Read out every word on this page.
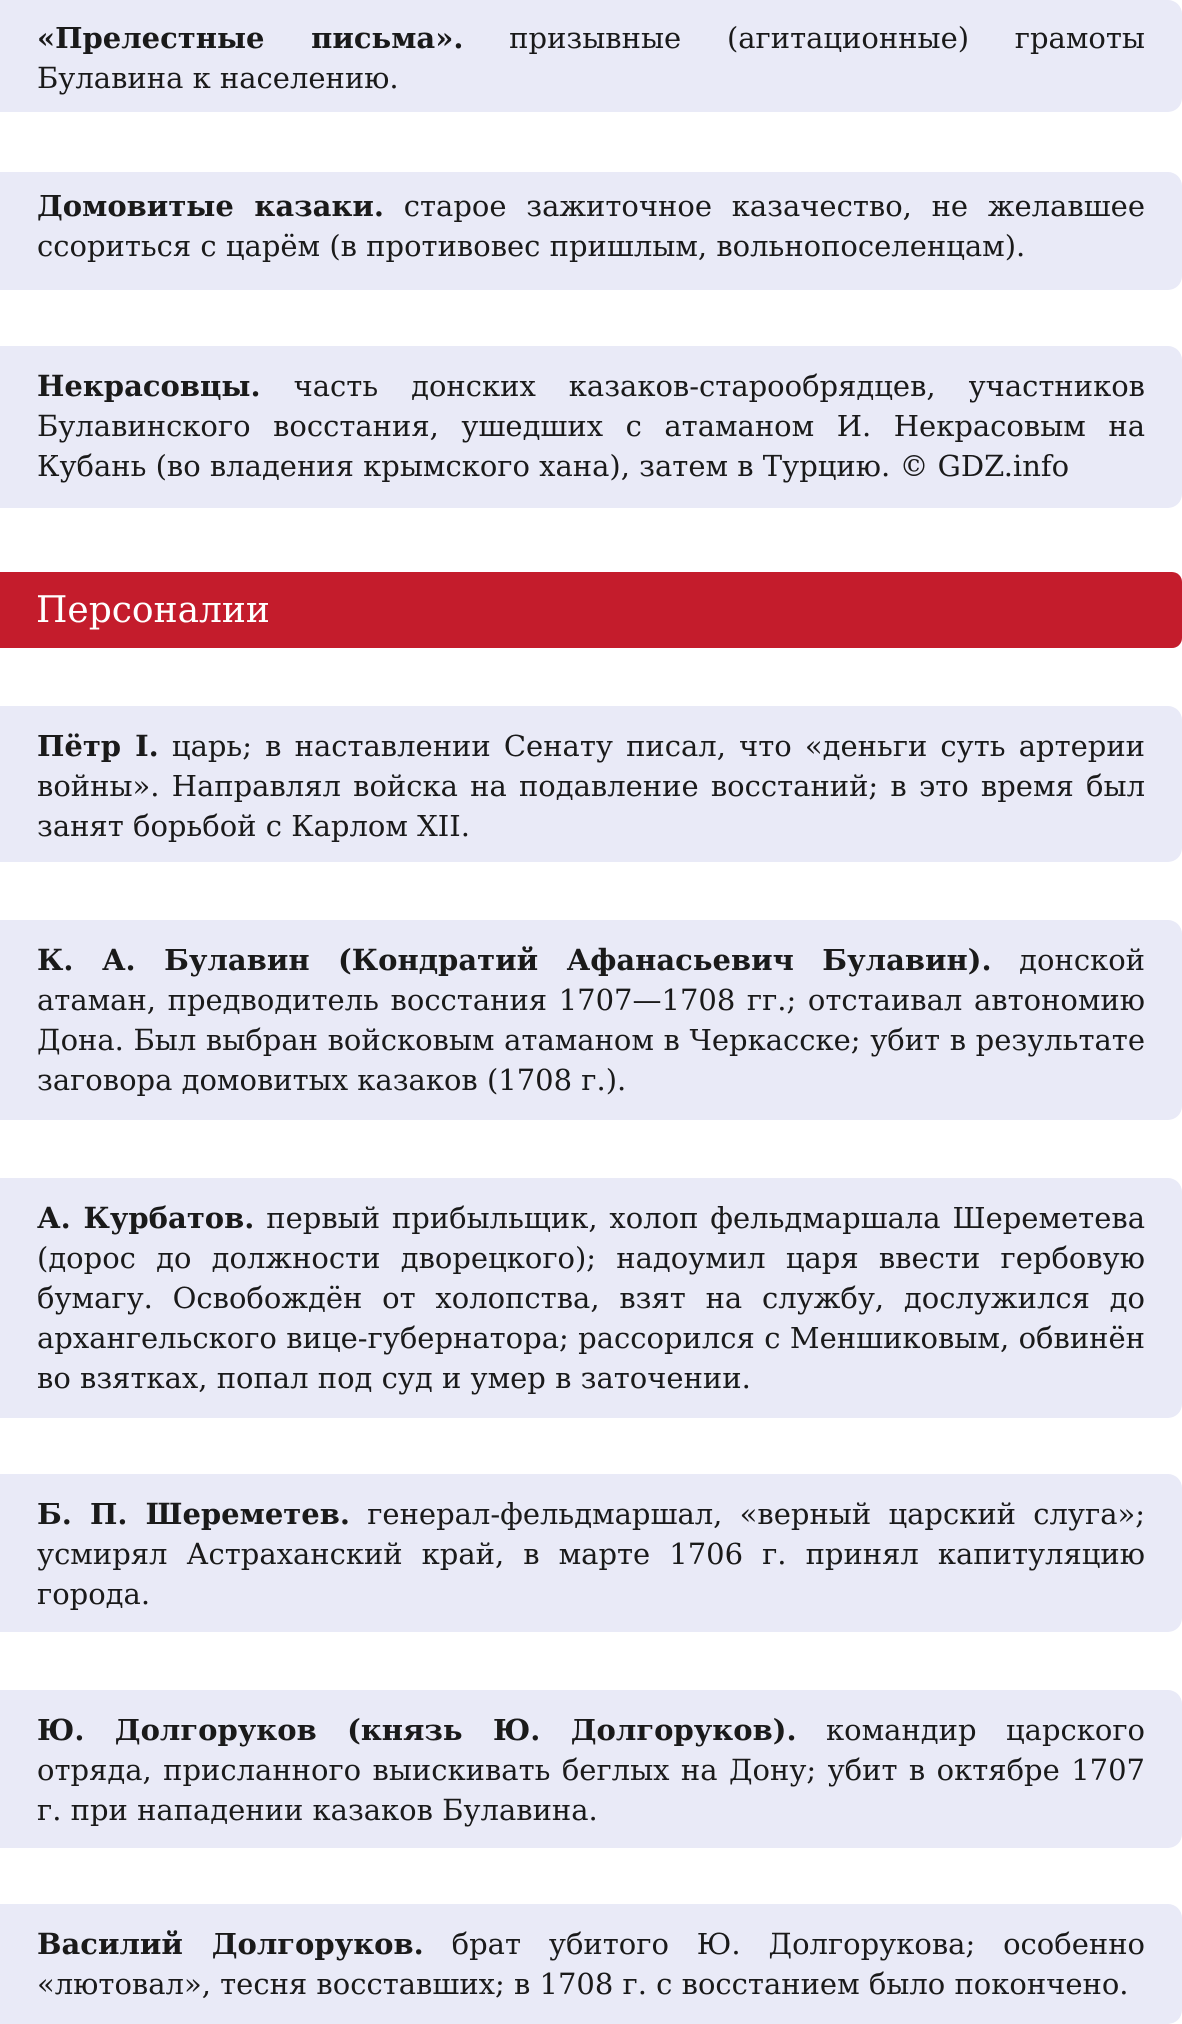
«Прелестные письма». призывные (агитационные) грамоты Булавина к населению.

Домовитые казаки. старое зажиточное казачество, не желавшее ссориться с царём (в противовес пришлым, вольнопоселенцам).

Некрасовцы. часть донских казаков-старообрядцев, участников Булавинского восстания, ушедших с атаманом И. Некрасовым на Кубань (во владения крымского хана), затем в Турцию. © GDZ.info

Персоналии

Пётр I. царь; в наставлении Сенату писал, что «деньги суть артерии войны». Направлял войска на подавление восстаний; в это время был занят борьбой с Карлом XII.

К. А. Булавин (Кондратий Афанасьевич Булавин). донской атаман, предводитель восстания 1707—1708 гг.; отстаивал автономию Дона. Был выбран войсковым атаманом в Черкасске; убит в результате заговора домовитых казаков (1708 г.).

А. Курбатов. первый прибыльщик, холоп фельдмаршала Шереметева (дорос до должности дворецкого); надоумил царя ввести гербовую бумагу. Освобождён от холопства, взят на службу, дослужился до архангельского вице-губернатора; рассорился с Меншиковым, обвинён во взятках, попал под суд и умер в заточении.

Б. П. Шереметев. генерал-фельдмаршал, «верный царский слуга»; усмирял Астраханский край, в марте 1706 г. принял капитуляцию города.

Ю. Долгоруков (князь Ю. Долгоруков). командир царского отряда, присланного выискивать беглых на Дону; убит в октябре 1707 г. при нападении казаков Булавина.

Василий Долгоруков. брат убитого Ю. Долгорукова; особенно «лютовал», тесня восставших; в 1708 г. с восстанием было покончено.
